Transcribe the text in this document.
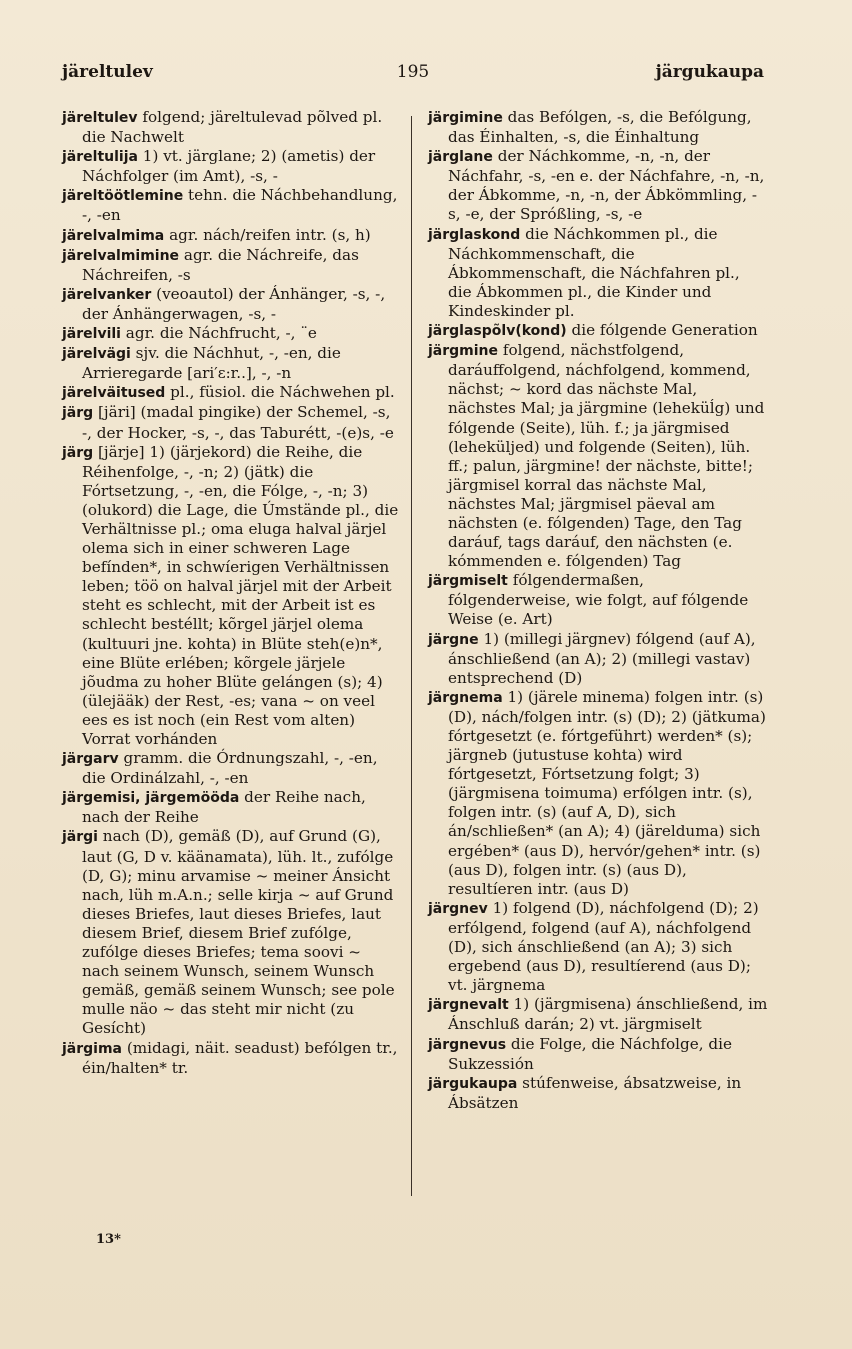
järeltulev	195	järgukaupa

järeltulev folgend; järeltulevad põlved pl. die Nachwelt

järeltulija 1) vt. järglane; 2) (ametis) der Náchfolger (im Amt), -s, -

järeltöötlemine tehn. die Náchbehandlung, -, -en

järelvalmima agr. nách/reifen intr. (s, h)

järelvalmimine agr. die Náchreife, das Náchreifen, -s

järelvanker (veoautol) der Ánhänger, -s, -, der Ánhängerwagen, -s, -

järelvili agr. die Náchfrucht, -, ¨e

järelvägi sjv. die Náchhut, -, -en, die Arrieregarde [ari′ɛ:r..], -, -n

järelväitused pl., füsiol. die Náchwehen pl.

järg [järi] (madal pingike) der Schemel, -s, -, der Hocker, -s, -, das Taburétt, -(e)s, -e

järg [järje] 1) (järjekord) die Reihe, die Réihenfolge, -, -n; 2) (jätk) die Fórtsetzung, -, -en, die Fólge, -, -n; 3) (olukord) die Lage, die Úmstände pl., die Verhältnisse pl.; oma eluga halval järjel olema sich in einer schweren Lage befínden*, in schwíerigen Verhältnissen leben; töö on halval järjel mit der Arbeit steht es schlecht, mit der Arbeit ist es schlecht bestéllt; kõrgel järjel olema (kultuuri jne. kohta) in Blüte steh(e)n*, eine Blüte erlében; kõrgele järjele jõudma zu hoher Blüte gelángen (s); 4) (ülejääk) der Rest, -es; vana ~ on veel ees es ist noch (ein Rest vom alten) Vorrat vorhánden

järgarv gramm. die Órdnungszahl, -, -en, die Ordinálzahl, -, -en

järgemisi, järgemööda der Reihe nach, nach der Reihe

järgi nach (D), gemäß (D), auf Grund (G), laut (G, D v. käänamata), lüh. lt., zufólge (D, G); minu arvamise ~ meiner Ánsicht nach, lüh m.A.n.; selle kirja ~ auf Grund dieses Briefes, laut dieses Briefes, laut diesem Brief, diesem Brief zufólge, zufólge dieses Briefes; tema soovi ~ nach seinem Wunsch, seinem Wunsch gemäß, gemäß seinem Wunsch; see pole mulle näo ~ das steht mir nicht (zu Gesícht)

järgima (midagi, näit. seadust) befólgen tr., éin/halten* tr.

järgimine das Befólgen, -s, die Befólgung, das Éinhalten, -s, die Éinhaltung

järglane der Náchkomme, -n, -n, der Náchfahr, -s, -en e. der Náchfahre, -n, -n, der Ábkomme, -n, -n, der Ábkömmling, -s, -e, der Spróßling, -s, -e

järglaskond die Náchkommen pl., die Náchkommenschaft, die Ábkommenschaft, die Náchfahren pl., die Ábkommen pl., die Kinder und Kindeskinder pl.

järglaspõlv(kond) die fólgende Generation

järgmine folgend, nächstfolgend, daráuffolgend, náchfolgend, kommend, nächst; ~ kord das nächste Mal, nächstes Mal; ja järgmine (leheküĺg) und fólgende (Seite), lüh. f.; ja järgmised (leheküljed) und folgende (Seiten), lüh. ff.; palun, järgmine! der nächste, bitte!; järgmisel korral das nächste Mal, nächstes Mal; järgmisel päeval am nächsten (e. fólgenden) Tage, den Tag daráuf, tags daráuf, den nächsten (e. kómmenden e. fólgenden) Tag

järgmiselt fólgendermaßen, fólgenderweise, wie folgt, auf fólgende Weise (e. Art)

järgne 1) (millegi järgnev) fólgend (auf A), ánschließend (an A); 2) (millegi vastav) entsprechend (D)

järgnema 1) (järele minema) folgen intr. (s) (D), nách/folgen intr. (s) (D); 2) (jätkuma) fórtgesetzt (e. fórtgeführt) werden* (s); järgneb (jutustuse kohta) wird fórtgesetzt, Fórtsetzung folgt; 3) (järgmisena toimuma) erfólgen intr. (s), folgen intr. (s) (auf A, D), sich án/schließen* (an A); 4) (järelduma) sich ergében* (aus D), hervór/gehen* intr. (s) (aus D), folgen intr. (s) (aus D), resultíeren intr. (aus D)

järgnev 1) folgend (D), náchfolgend (D); 2) erfólgend, folgend (auf A), náchfolgend (D), sich ánschließend (an A); 3) sich ergebend (aus D), resultíerend (aus D); vt. järgnema

järgnevalt 1) (järgmisena) ánschließend, im Ánschluß darán; 2) vt. järgmiselt

järgnevus die Folge, die Náchfolge, die Sukzessión

järgukaupa stúfenweise, ábsatzweise, in Ábsätzen

13*
